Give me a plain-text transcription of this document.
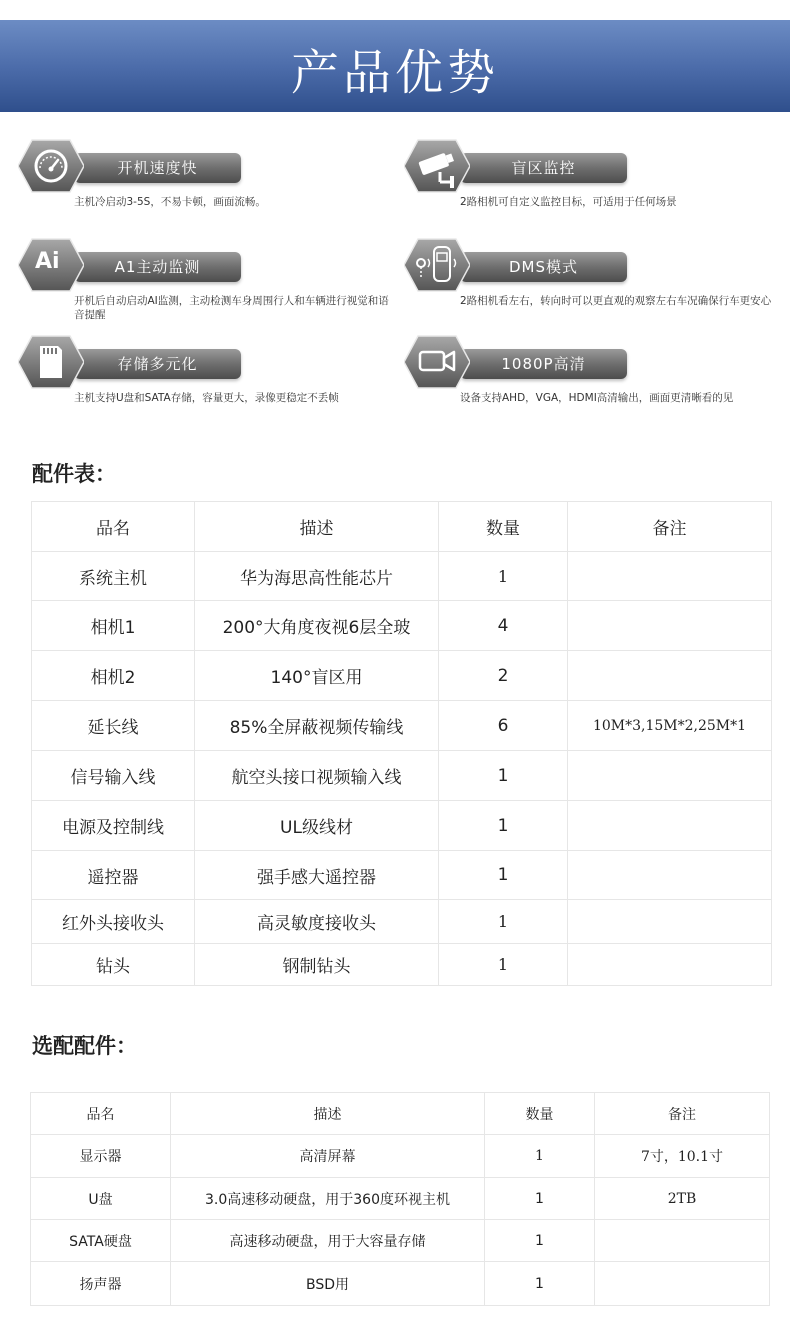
产品优势
开机速度快
主机冷启动3-5S，不易卡顿，画面流畅。
盲区监控
2路相机可自定义监控目标，可适用于任何场景
A1主动监测
Ai
开机后自动启动AI监测，主动检测车身周围行人和车辆进行视觉和语音提醒
DMS模式
2路相机看左右，转向时可以更直观的观察左右车况确保行车更安心
存储多元化
主机支持U盘和SATA存储，容量更大，录像更稳定不丢帧
1080P高清
设备支持AHD，VGA，HDMI高清输出，画面更清晰看的见
配件表：
品名	描述	数量	备注
系统主机	华为海思高性能芯片	1	
相机1	200°大角度夜视6层全玻	4	
相机2	140°盲区用	2	
延长线	85%全屏蔽视频传输线	6	10M*3,15M*2,25M*1
信号输入线	航空头接口视频输入线	1	
电源及控制线	UL级线材	1	
遥控器	强手感大遥控器	1	
红外头接收头	高灵敏度接收头	1	
钻头	钢制钻头	1	
选配配件：
品名	描述	数量	备注
显示器	高清屏幕	1	7寸，10.1寸
U盘	3.0高速移动硬盘，用于360度环视主机	1	2TB
SATA硬盘	高速移动硬盘，用于大容量存储	1	
扬声器	BSD用	1	
